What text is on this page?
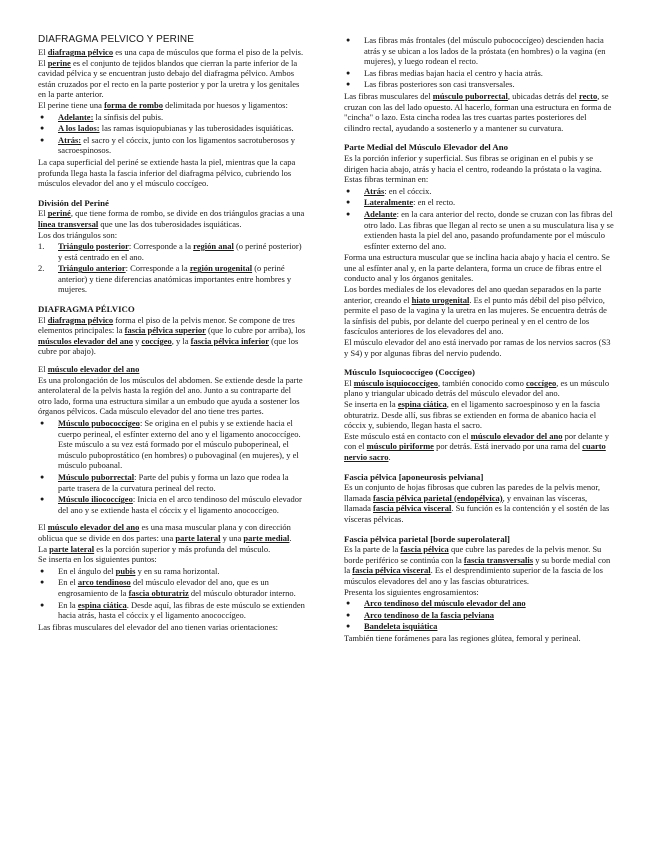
DIAFRAGMA PELVICO Y PERINE

El diafragma pélvico es una capa de músculos que forma el piso de la pelvis. El perine es el conjunto de tejidos blandos que cierran la parte inferior de la cavidad pélvica y se encuentran justo debajo del diafragma pélvico. Ambos están cruzados por el recto en la parte posterior y por la uretra y los genitales en la parte anterior.

El perine tiene una forma de rombo delimitada por huesos y ligamentos:

● Adelante: la sínfisis del pubis.
● A los lados: las ramas isquiopubianas y las tuberosidades isquiáticas.
● Atrás: el sacro y el cóccix, junto con los ligamentos sacrotuberosos y sacroespinosos.

La capa superficial del periné se extiende hasta la piel, mientras que la capa profunda llega hasta la fascia inferior del diafragma pélvico, cubriendo los músculos elevador del ano y el músculo coccígeo.

División del Periné

El periné, que tiene forma de rombo, se divide en dos triángulos gracias a una línea transversal que une las dos tuberosidades isquiáticas.

Los dos triángulos son:

1. Triángulo posterior: Corresponde a la región anal (o periné posterior) y está centrado en el ano.
2. Triángulo anterior: Corresponde a la región urogenital (o periné anterior) y tiene diferencias anatómicas importantes entre hombres y mujeres.

DIAFRAGMA PÉLVICO

El diafragma pélvico forma el piso de la pelvis menor. Se compone de tres elementos principales: la fascia pélvica superior (que lo cubre por arriba), los músculos elevador del ano y coccígeo, y la fascia pélvica inferior (que los cubre por abajo).

El músculo elevador del ano

Es una prolongación de los músculos del abdomen. Se extiende desde la parte anterolateral de la pelvis hasta la región del ano. Junto a su contraparte del otro lado, forma una estructura similar a un embudo que ayuda a sostener los órganos pélvicos. Cada músculo elevador del ano tiene tres partes.

● Músculo pubococcígeo: Se origina en el pubis y se extiende hacia el cuerpo perineal, el esfínter externo del ano y el ligamento anococcígeo. Este músculo a su vez está formado por el músculo puboperineal, el músculo puboprostático (en hombres) o pubovaginal (en mujeres), y el músculo puboanal.
● Músculo puborrectal: Parte del pubis y forma un lazo que rodea la parte trasera de la curvatura perineal del recto.
● Músculo iliococcígeo: Inicia en el arco tendinoso del músculo elevador del ano y se extiende hasta el cóccix y el ligamento anococcígeo.

El músculo elevador del ano es una masa muscular plana y con dirección oblicua que se divide en dos partes: una parte lateral y una parte medial.

La parte lateral es la porción superior y más profunda del músculo.

Se inserta en los siguientes puntos:

● En el ángulo del pubis y en su rama horizontal.
● En el arco tendinoso del músculo elevador del ano, que es un engrosamiento de la fascia obturatriz del músculo obturador interno.
● En la espina ciática. Desde aquí, las fibras de este músculo se extienden hacia atrás, hasta el cóccix y el ligamento anococcígeo.

Las fibras musculares del elevador del ano tienen varias orientaciones:

● Las fibras más frontales (del músculo pubococcígeo) descienden hacia atrás y se ubican a los lados de la próstata (en hombres) o la vagina (en mujeres), y luego rodean el recto.
● Las fibras medias bajan hacia el centro y hacia atrás.
● Las fibras posteriores son casi transversales.

Las fibras musculares del músculo puborrectal, ubicadas detrás del recto, se cruzan con las del lado opuesto. Al hacerlo, forman una estructura en forma de "cincha" o lazo. Esta cincha rodea las tres cuartas partes posteriores del cilindro rectal, ayudando a sostenerlo y a mantener su curvatura.

Parte Medial del Músculo Elevador del Ano

Es la porción inferior y superficial. Sus fibras se originan en el pubis y se dirigen hacia abajo, atrás y hacia el centro, rodeando la próstata o la vagina.

Estas fibras terminan en:

● Atrás: en el cóccix.
● Lateralmente: en el recto.
● Adelante: en la cara anterior del recto, donde se cruzan con las fibras del otro lado. Las fibras que llegan al recto se unen a su musculatura lisa y se extienden hasta la piel del ano, pasando profundamente por el músculo esfínter externo del ano.

Forma una estructura muscular que se inclina hacia abajo y hacia el centro. Se une al esfínter anal y, en la parte delantera, forma un cruce de fibras entre el conducto anal y los órganos genitales.

Los bordes mediales de los elevadores del ano quedan separados en la parte anterior, creando el hiato urogenital. Es el punto más débil del piso pélvico, permite el paso de la vagina y la uretra en las mujeres. Se encuentra detrás de la sínfisis del pubis, por delante del cuerpo perineal y en el centro de los fascículos anteriores de los elevadores del ano.

El músculo elevador del ano está inervado por ramas de los nervios sacros (S3 y S4) y por algunas fibras del nervio pudendo.

Músculo Isquiococcígeo (Coccígeo)

El músculo isquiococcígeo, también conocido como coccígeo, es un músculo plano y triangular ubicado detrás del músculo elevador del ano.

Se inserta en la espina ciática, en el ligamento sacroespinoso y en la fascia obturatriz. Desde allí, sus fibras se extienden en forma de abanico hacia el cóccix y, subiendo, llegan hasta el sacro.

Este músculo está en contacto con el músculo elevador del ano por delante y con el músculo piriforme por detrás. Está inervado por una rama del cuarto nervio sacro.

Fascia pélvica [aponeurosis pelviana]

Es un conjunto de hojas fibrosas que cubren las paredes de la pelvis menor, llamada fascia pélvica parietal (endopélvica), y envainan las vísceras, llamada fascia pélvica visceral. Su función es la contención y el sostén de las vísceras pélvicas.

Fascia pélvica parietal [borde superolateral]

Es la parte de la fascia pélvica que cubre las paredes de la pelvis menor. Su borde periférico se continúa con la fascia transversalis y su borde medial con la fascia pélvica visceral. Es el desprendimiento superior de la fascia de los músculos elevadores del ano y las fascias obturatrices.

Presenta los siguientes engrosamientos:

● Arco tendinoso del músculo elevador del ano
● Arco tendinoso de la fascia pelviana
● Bandeleta isquiática

También tiene forámenes para las regiones glútea, femoral y perineal.
